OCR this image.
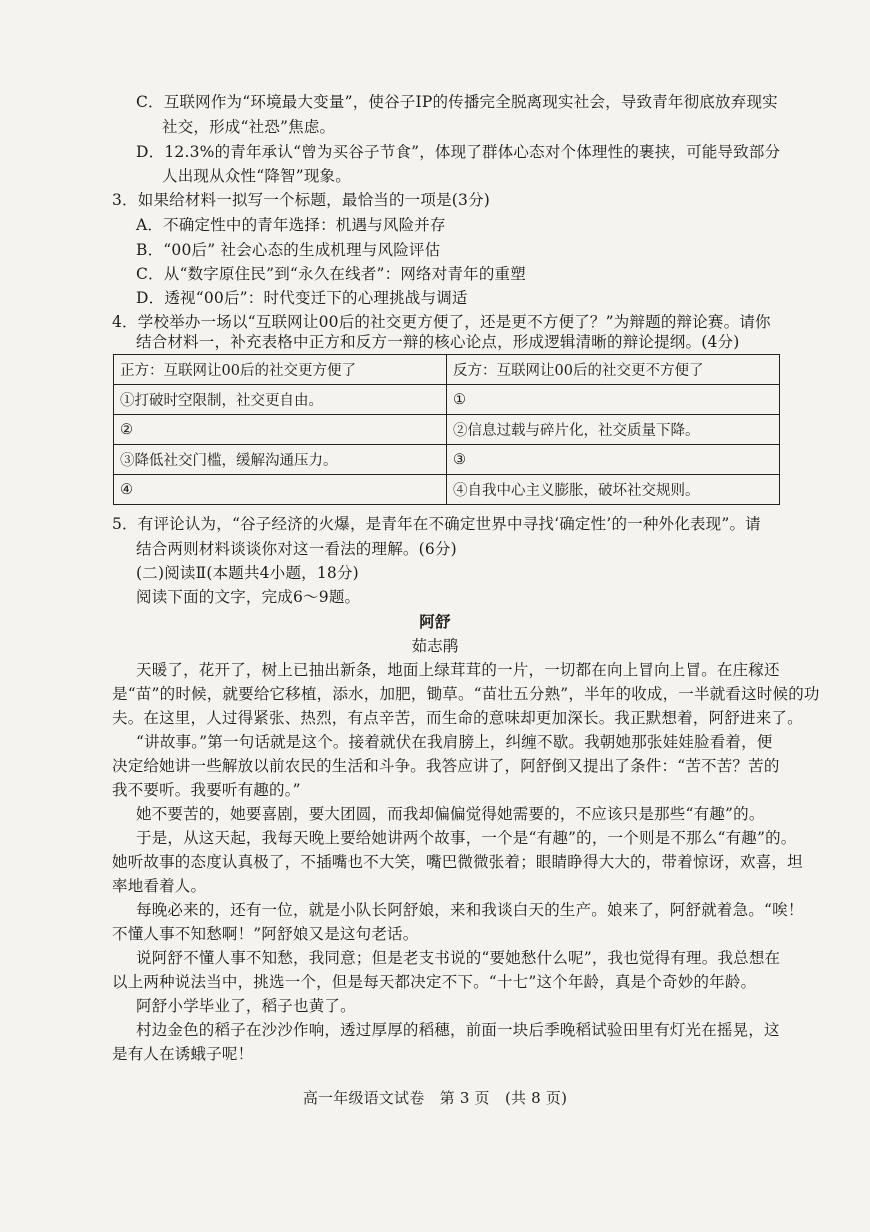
C．互联网作为“环境最大变量”，使谷子IP的传播完全脱离现实社会，导致青年彻底放弃现实
社交，形成“社恐”焦虑。
D．12.3%的青年承认“曾为买谷子节食”，体现了群体心态对个体理性的裹挟，可能导致部分
人出现从众性“降智”现象。
3．如果给材料一拟写一个标题，最恰当的一项是(3分)
A．不确定性中的青年选择：机遇与风险并存
B．“00后” 社会心态的生成机理与风险评估
C．从“数字原住民”到“永久在线者”：网络对青年的重塑
D．透视“00后”：时代变迁下的心理挑战与调适
4．学校举办一场以“互联网让00后的社交更方便了，还是更不方便了？”为辩题的辩论赛。请你
结合材料一，补充表格中正方和反方一辩的核心论点，形成逻辑清晰的辩论提纲。(4分)
正方：互联网让00后的社交更方便了	反方：互联网让00后的社交更不方便了
①打破时空限制，社交更自由。	①
②	②信息过载与碎片化，社交质量下降。
③降低社交门槛，缓解沟通压力。	③
④	④自我中心主义膨胀，破坏社交规则。
5．有评论认为，“谷子经济的火爆，是青年在不确定世界中寻找‘确定性’的一种外化表现”。请
结合两则材料谈谈你对这一看法的理解。(6分)
(二)阅读Ⅱ(本题共4小题，18分)
阅读下面的文字，完成6～9题。
阿舒
茹志鹃
天暖了，花开了，树上已抽出新条，地面上绿茸茸的一片，一切都在向上冒向上冒。在庄稼还
是“苗”的时候，就要给它移植，添水，加肥，锄草。“苗壮五分熟”，半年的收成，一半就看这时候的功
夫。在这里，人过得紧张、热烈，有点辛苦，而生命的意味却更加深长。我正默想着，阿舒进来了。
“讲故事。”第一句话就是这个。接着就伏在我肩膀上，纠缠不歇。我朝她那张娃娃脸看着，便
决定给她讲一些解放以前农民的生活和斗争。我答应讲了，阿舒倒又提出了条件：“苦不苦？苦的
我不要听。我要听有趣的。”
她不要苦的，她要喜剧，要大团圆，而我却偏偏觉得她需要的，不应该只是那些“有趣”的。
于是，从这天起，我每天晚上要给她讲两个故事，一个是“有趣”的，一个则是不那么“有趣”的。
她听故事的态度认真极了，不插嘴也不大笑，嘴巴微微张着；眼睛睁得大大的，带着惊讶，欢喜，坦
率地看着人。
每晚必来的，还有一位，就是小队长阿舒娘，来和我谈白天的生产。娘来了，阿舒就着急。“唉！
不懂人事不知愁啊！”阿舒娘又是这句老话。
说阿舒不懂人事不知愁，我同意；但是老支书说的“要她愁什么呢”，我也觉得有理。我总想在
以上两种说法当中，挑选一个，但是每天都决定不下。“十七”这个年龄，真是个奇妙的年龄。
阿舒小学毕业了，稻子也黄了。
村边金色的稻子在沙沙作响，透过厚厚的稻穗，前面一块后季晚稻试验田里有灯光在摇晃，这
是有人在诱蛾子呢！
高一年级语文试卷　第 3 页　(共 8 页)
